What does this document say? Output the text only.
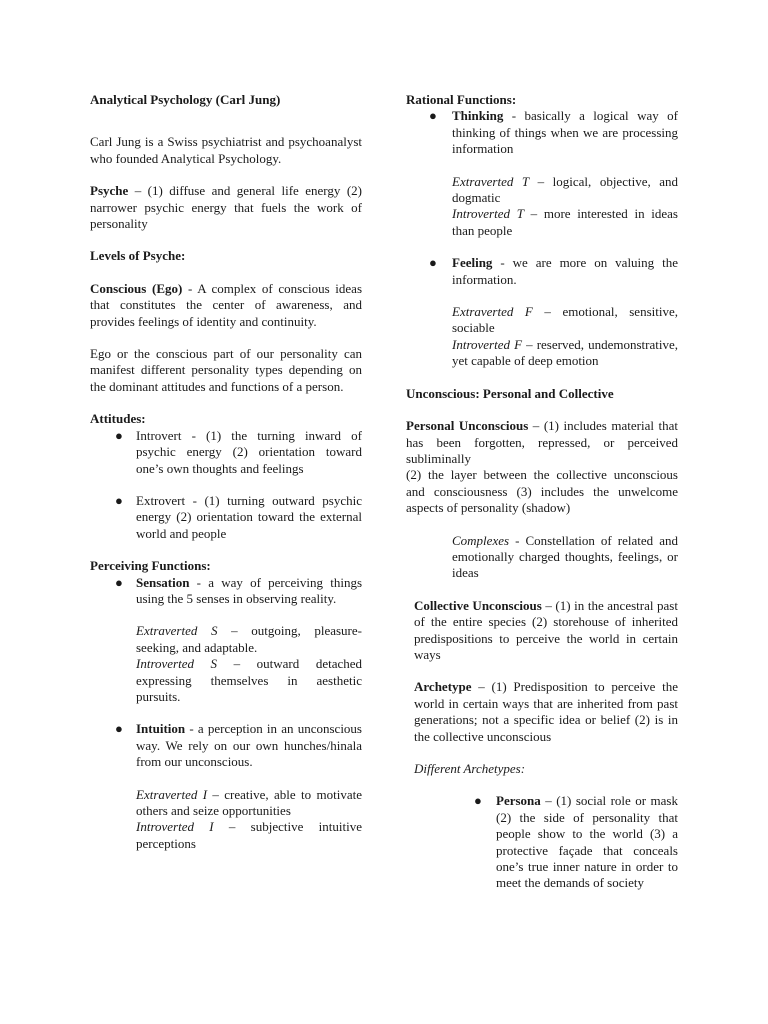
Analytical Psychology (Carl Jung)

Carl Jung is a Swiss psychiatrist and psychoanalyst who founded Analytical Psychology.

Psyche – (1) diffuse and general life energy (2) narrower psychic energy that fuels the work of personality

Levels of Psyche:

Conscious (Ego) - A complex of conscious ideas that constitutes the center of awareness, and provides feelings of identity and continuity.

Ego or the conscious part of our personality can manifest different personality types depending on the dominant attitudes and functions of a person.

Attitudes:

● Introvert - (1) the turning inward of psychic energy (2) orientation toward one’s own thoughts and feelings

● Extrovert - (1) turning outward psychic energy (2) orientation toward the external world and people

Perceiving Functions:

● Sensation - a way of perceiving things using the 5 senses in observing reality.

Extraverted S – outgoing, pleasure-seeking, and adaptable.

Introverted S – outward detached expressing themselves in aesthetic pursuits.

● Intuition - a perception in an unconscious way. We rely on our own hunches/hinala from our unconscious.

Extraverted I – creative, able to motivate others and seize opportunities

Introverted I – subjective intuitive perceptions

Rational Functions:

● Thinking - basically a logical way of thinking of things when we are processing information

Extraverted T – logical, objective, and dogmatic

Introverted T – more interested in ideas than people

● Feeling - we are more on valuing the information.

Extraverted F – emotional, sensitive, sociable

Introverted F – reserved, undemonstrative, yet capable of deep emotion

Unconscious: Personal and Collective

Personal Unconscious – (1) includes material that has been forgotten, repressed, or perceived subliminally

(2) the layer between the collective unconscious and consciousness (3) includes the unwelcome aspects of personality (shadow)

Complexes - Constellation of related and emotionally charged thoughts, feelings, or ideas

Collective Unconscious – (1) in the ancestral past of the entire species (2) storehouse of inherited predispositions to perceive the world in certain ways

Archetype – (1) Predisposition to perceive the world in certain ways that are inherited from past generations; not a specific idea or belief (2) is in the collective unconscious

Different Archetypes:

● Persona – (1) social role or mask (2) the side of personality that people show to the world (3) a protective façade that conceals one’s true inner nature in order to meet the demands of society
